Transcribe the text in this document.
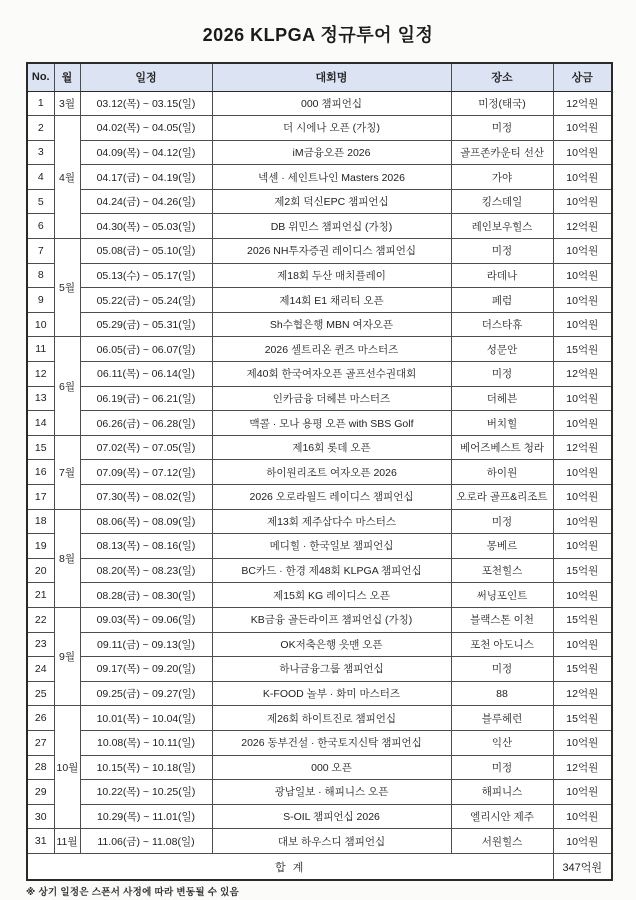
2026 KLPGA 정규투어 일정
No.	월	일정	대회명	장소	상금
1	3월	03.12(목) ~ 03.15(일)	000 챔피언십	미정(태국)	12억원
2	4월	04.02(목) ~ 04.05(일)	더 시에나 오픈 (가칭)	미정	10억원
3		04.09(목) ~ 04.12(일)	iM금융오픈 2026	골프존카운티 선산	10억원
4		04.17(금) ~ 04.19(일)	넥센 · 세인트나인 Masters 2026	가야	10억원
5		04.24(금) ~ 04.26(일)	제2회 덕신EPC 챔피언십	킹스데일	10억원
6		04.30(목) ~ 05.03(일)	DB 위민스 챔피언십 (가칭)	레인보우힐스	12억원
7	5월	05.08(금) ~ 05.10(일)	2026 NH투자증권 레이디스 챔피언십	미정	10억원
8		05.13(수) ~ 05.17(일)	제18회 두산 매치플레이	라데나	10억원
9		05.22(금) ~ 05.24(일)	제14회 E1 채리티 오픈	페럼	10억원
10		05.29(금) ~ 05.31(일)	Sh수협은행 MBN 여자오픈	더스타휴	10억원
11	6월	06.05(금) ~ 06.07(일)	2026 셀트리온 퀸즈 마스터즈	성문안	15억원
12		06.11(목) ~ 06.14(일)	제40회 한국여자오픈 골프선수권대회	미정	12억원
13		06.19(금) ~ 06.21(일)	인카금융 더헤븐 마스터즈	더헤븐	10억원
14		06.26(금) ~ 06.28(일)	맥콜 · 모나 용평 오픈 with SBS Golf	버치힐	10억원
15	7월	07.02(목) ~ 07.05(일)	제16회 롯데 오픈	베어즈베스트 청라	12억원
16		07.09(목) ~ 07.12(일)	하이원리조트 여자오픈 2026	하이원	10억원
17		07.30(목) ~ 08.02(일)	2026 오로라월드 레이디스 챔피언십	오로라 골프&리조트	10억원
18	8월	08.06(목) ~ 08.09(일)	제13회 제주삼다수 마스터스	미정	10억원
19		08.13(목) ~ 08.16(일)	메디힐 · 한국일보 챔피언십	몽베르	10억원
20		08.20(목) ~ 08.23(일)	BC카드 · 한경 제48회 KLPGA 챔피언십	포천힐스	15억원
21		08.28(금) ~ 08.30(일)	제15회 KG 레이디스 오픈	써닝포인트	10억원
22	9월	09.03(목) ~ 09.06(일)	KB금융 골든라이프 챔피언십 (가칭)	블랙스톤 이천	15억원
23		09.11(금) ~ 09.13(일)	OK저축은행 읏맨 오픈	포천 아도니스	10억원
24		09.17(목) ~ 09.20(일)	하나금융그룹 챔피언십	미정	15억원
25		09.25(금) ~ 09.27(일)	K-FOOD 놀부 · 화미 마스터즈	88	12억원
26	10월	10.01(목) ~ 10.04(일)	제26회 하이트진로 챔피언십	블루헤런	15억원
27		10.08(목) ~ 10.11(일)	2026 동부건설 · 한국토지신탁 챔피언십	익산	10억원
28		10.15(목) ~ 10.18(일)	000 오픈	미정	12억원
29		10.22(목) ~ 10.25(일)	광남일보 · 해피니스 오픈	해피니스	10억원
30		10.29(목) ~ 11.01(일)	S-OIL 챔피언십 2026	엘리시안 제주	10억원
31	11월	11.06(금) ~ 11.08(일)	대보 하우스디 챔피언십	서원힐스	10억원
합 계					347억원
※ 상기 일정은 스폰서 사정에 따라 변동될 수 있음
